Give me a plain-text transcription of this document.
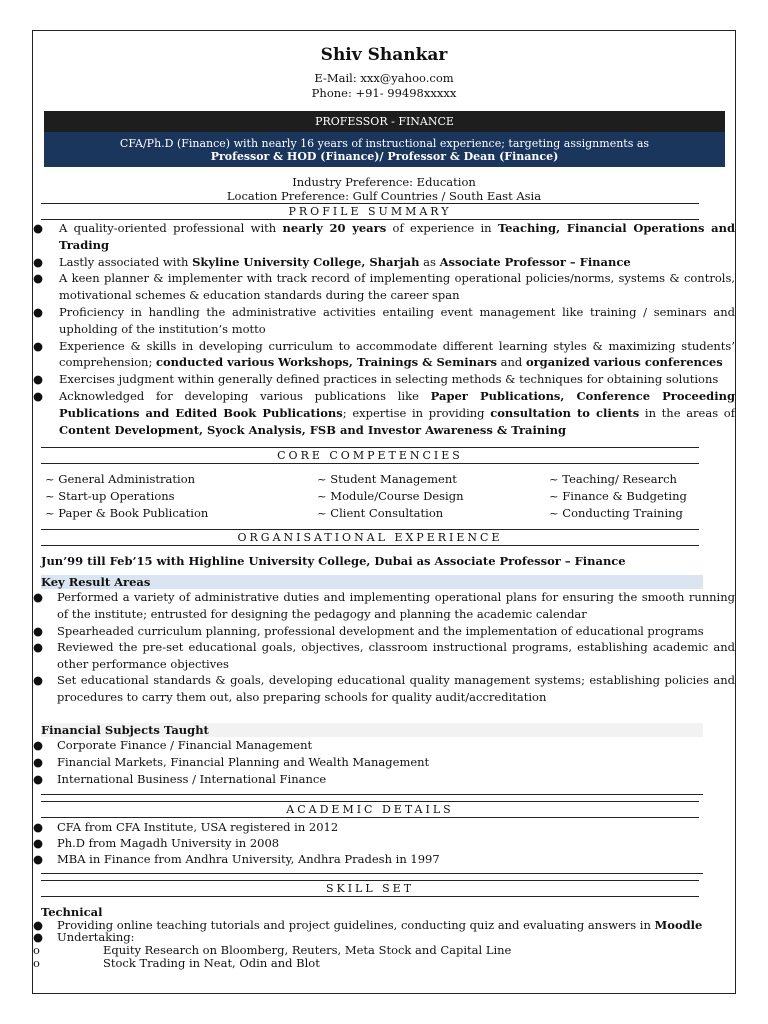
Shiv Shankar
E-Mail: xxx@yahoo.com
Phone: +91- 99498xxxxx
PROFESSOR - FINANCE
CFA/Ph.D (Finance) with nearly 16 years of instructional experience; targeting assignments as
Professor & HOD (Finance)/ Professor & Dean (Finance)
Industry Preference: Education
Location Preference: Gulf Countries / South East Asia
PROFILE SUMMARY
● A quality-oriented professional with nearly 20 years of experience in Teaching, Financial Operations and Trading
● Lastly associated with Skyline University College, Sharjah as Associate Professor – Finance
● A keen planner & implementer with track record of implementing operational policies/norms, systems & controls, motivational schemes & education standards during the career span
● Proficiency in handling the administrative activities entailing event management like training / seminars and upholding of the institution’s motto
● Experience & skills in developing curriculum to accommodate different learning styles & maximizing students’ comprehension; conducted various Workshops, Trainings & Seminars and organized various conferences
● Exercises judgment within generally defined practices in selecting methods & techniques for obtaining solutions
● Acknowledged for developing various publications like Paper Publications, Conference Proceeding Publications and Edited Book Publications; expertise in providing consultation to clients in the areas of Content Development, Syock Analysis, FSB and Investor Awareness & Training
CORE COMPETENCIES
~ General Administration	~ Student Management	~ Teaching/ Research
~ Start-up Operations	~ Module/Course Design	~ Finance & Budgeting
~ Paper & Book Publication	~ Client Consultation	~ Conducting Training
ORGANISATIONAL EXPERIENCE
Jun’99 till Feb’15 with Highline University College, Dubai as Associate Professor – Finance
Key Result Areas
● Performed a variety of administrative duties and implementing operational plans for ensuring the smooth running of the institute; entrusted for designing the pedagogy and planning the academic calendar
● Spearheaded curriculum planning, professional development and the implementation of educational programs
● Reviewed the pre-set educational goals, objectives, classroom instructional programs, establishing academic and other performance objectives
● Set educational standards & goals, developing educational quality management systems; establishing policies and procedures to carry them out, also preparing schools for quality audit/accreditation
Financial Subjects Taught
● Corporate Finance / Financial Management
● Financial Markets, Financial Planning and Wealth Management
● International Business / International Finance
ACADEMIC DETAILS
● CFA from CFA Institute, USA registered in 2012
● Ph.D from Magadh University in 2008
● MBA in Finance from Andhra University, Andhra Pradesh in 1997
SKILL SET
Technical
● Providing online teaching tutorials and project guidelines, conducting quiz and evaluating answers in Moodle
● Undertaking:
o	Equity Research on Bloomberg, Reuters, Meta Stock and Capital Line
o	Stock Trading in Neat, Odin and Blot
